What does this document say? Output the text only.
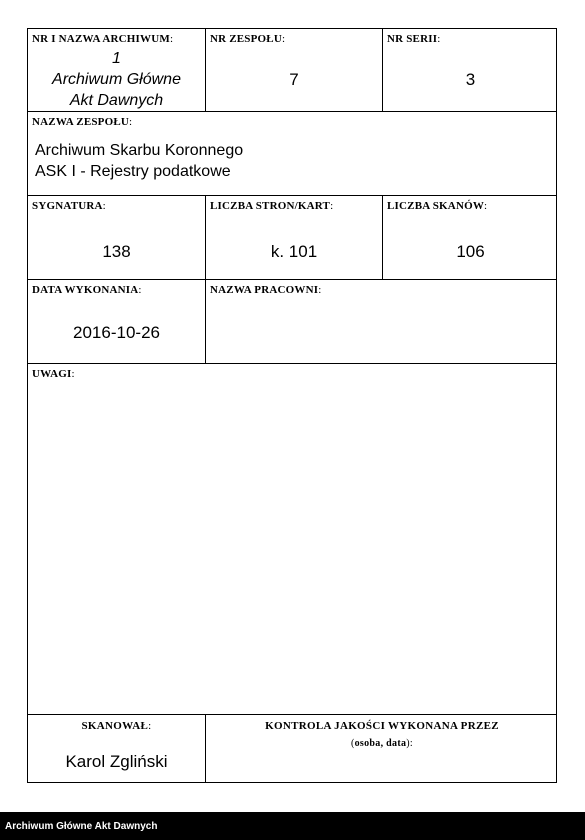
NR I NAZWA ARCHIWUM:
1
Archiwum Główne
Akt Dawnych
NR ZESPOŁU:
7
NR SERII:
3
NAZWA ZESPOŁU:
Archiwum Skarbu Koronnego
ASK I - Rejestry podatkowe
SYGNATURA:
138
LICZBA STRON/KART:
k. 101
LICZBA SKANÓW:
106
DATA WYKONANIA:
2016-10-26
NAZWA PRACOWNI:
UWAGI:
SKANOWAŁ:
Karol Zgliński
KONTROLA JAKOŚCI WYKONANA PRZEZ
(osoba, data):
Archiwum Główne Akt Dawnych
